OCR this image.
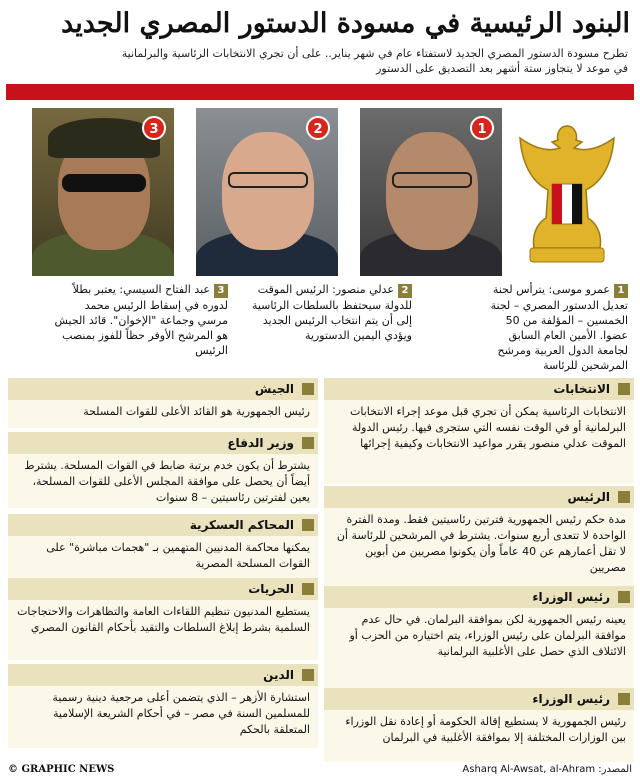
البنود الرئيسية في مسودة الدستور المصري الجديد
تطرح مسودة الدستور المصري الجديد لاستفتاء عام في شهر يناير.. على أن تجري الانتخابات الرئاسية والبرلمانية
في موعد لا يتجاوز ستة أشهر بعد التصديق على الدستور
1
2
3
1عمرو موسى: يترأس لجنة تعديل الدستور المصري – لجنة الخمسين – المؤلفة من 50 عضوا. الأمين العام السابق لجامعة الدول العربية ومرشح المرشحين للرئاسة
2عدلي منصور: الرئيس الموقت للدولة سيحتفظ بالسلطات الرئاسية إلى أن يتم انتخاب الرئيس الجديد ويؤدي اليمين الدستورية
3عبد الفتاح السيسي: يعتبر بطلاً لدوره في إسقاط الرئيس محمد مرسي وجماعة "الإخوان". قائد الجيش هو المرشح الأوفر حظاً للفوز بمنصب الرئيس
الانتخابات
الانتخابات الرئاسية يمكن أن تجري قبل موعد إجراء الانتخابات البرلمانية أو في الوقت نفسه التي ستجرى فيها. رئيس الدولة الموقت عدلي منصور يقرر مواعيد الانتخابات وكيفية إجرائها
الرئيس
مدة حكم رئيس الجمهورية فترتين رئاسيتين فقط. ومدة الفترة الواحدة لا تتعدى أربع سنوات. يشترط في المرشحين للرئاسة أن لا تقل أعمارهم عن 40 عاماً وأن يكونوا مصريين من أبوين مصريين
رئيس الوزراء
يعينه رئيس الجمهورية لكن بموافقة البرلمان. في حال عدم موافقة البرلمان على رئيس الوزراء، يتم اختياره من الحزب أو الائتلاف الذي حصل على الأغلبية البرلمانية
رئيس الوزراء
رئيس الجمهورية لا يستطيع إقالة الحكومة أو إعادة نقل الوزراء بين الوزارات المختلفة إلا بموافقة الأغلبية في البرلمان
الجيش
رئيس الجمهورية هو القائد الأعلى للقوات المسلحة
وزير الدفاع
يشترط أن يكون خدم برتبة ضابط في القوات المسلحة. يشترط أيضاً أن يحصل على موافقة المجلس الأعلى للقوات المسلحة، يعين لفترتين رئاسيتين – 8 سنوات
المحاكم العسكرية
يمكنها محاكمة المدنيين المتهمين بـ "هجمات مباشرة" على القوات المسلحة المصرية
الحريات
يستطيع المدنيون تنظيم اللقاءات العامة والتظاهرات والاحتجاجات السلمية بشرط إبلاغ السلطات والتقيد بأحكام القانون المصري
الدين
استشارة الأزهر – الذي يتضمن أعلى مرجعية دينية رسمية للمسلمين السنة في مصر – في أحكام الشريعة الإسلامية المتعلقة بالحكم
© GRAPHIC NEWS	المصدر: Asharq Al-Awsat, al-Ahram
